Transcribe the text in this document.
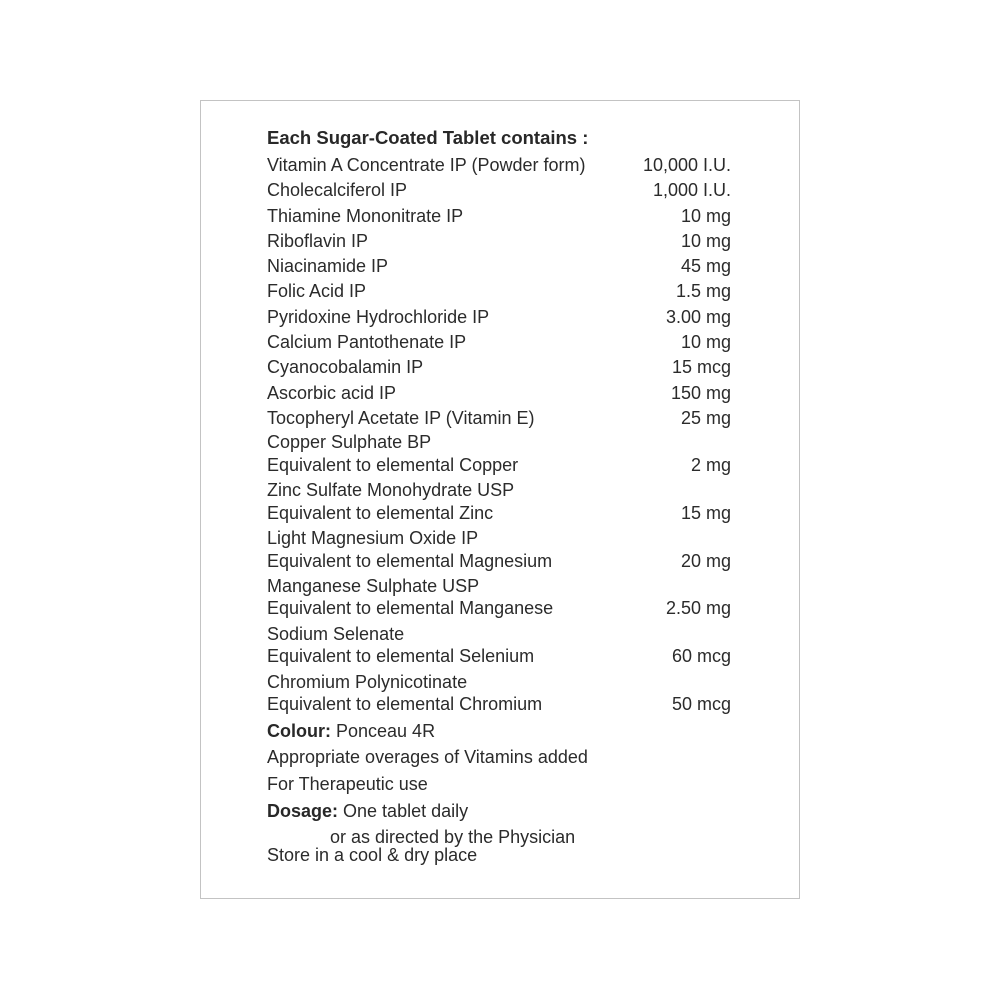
Each Sugar-Coated Tablet contains :
Vitamin A Concentrate IP (Powder form)	10,000 I.U.
Cholecalciferol IP	1,000 I.U.
Thiamine Mononitrate IP	10 mg
Riboflavin IP	10 mg
Niacinamide IP	45 mg
Folic Acid IP	1.5 mg
Pyridoxine Hydrochloride IP	3.00 mg
Calcium Pantothenate IP	10 mg
Cyanocobalamin IP	15 mcg
Ascorbic acid IP	150 mg
Tocopheryl Acetate IP (Vitamin E)	25 mg
Copper Sulphate BP
Equivalent to elemental Copper	2 mg
Zinc Sulfate Monohydrate USP
Equivalent to elemental Zinc	15 mg
Light Magnesium Oxide IP
Equivalent to elemental Magnesium	20 mg
Manganese Sulphate USP
Equivalent to elemental Manganese	2.50 mg
Sodium Selenate
Equivalent to elemental Selenium	60 mcg
Chromium Polynicotinate
Equivalent to elemental Chromium	50 mcg
Colour: Ponceau 4R
Appropriate overages of Vitamins added
For Therapeutic use
Dosage: One tablet daily
or as directed by the Physician
Store in a cool & dry place
